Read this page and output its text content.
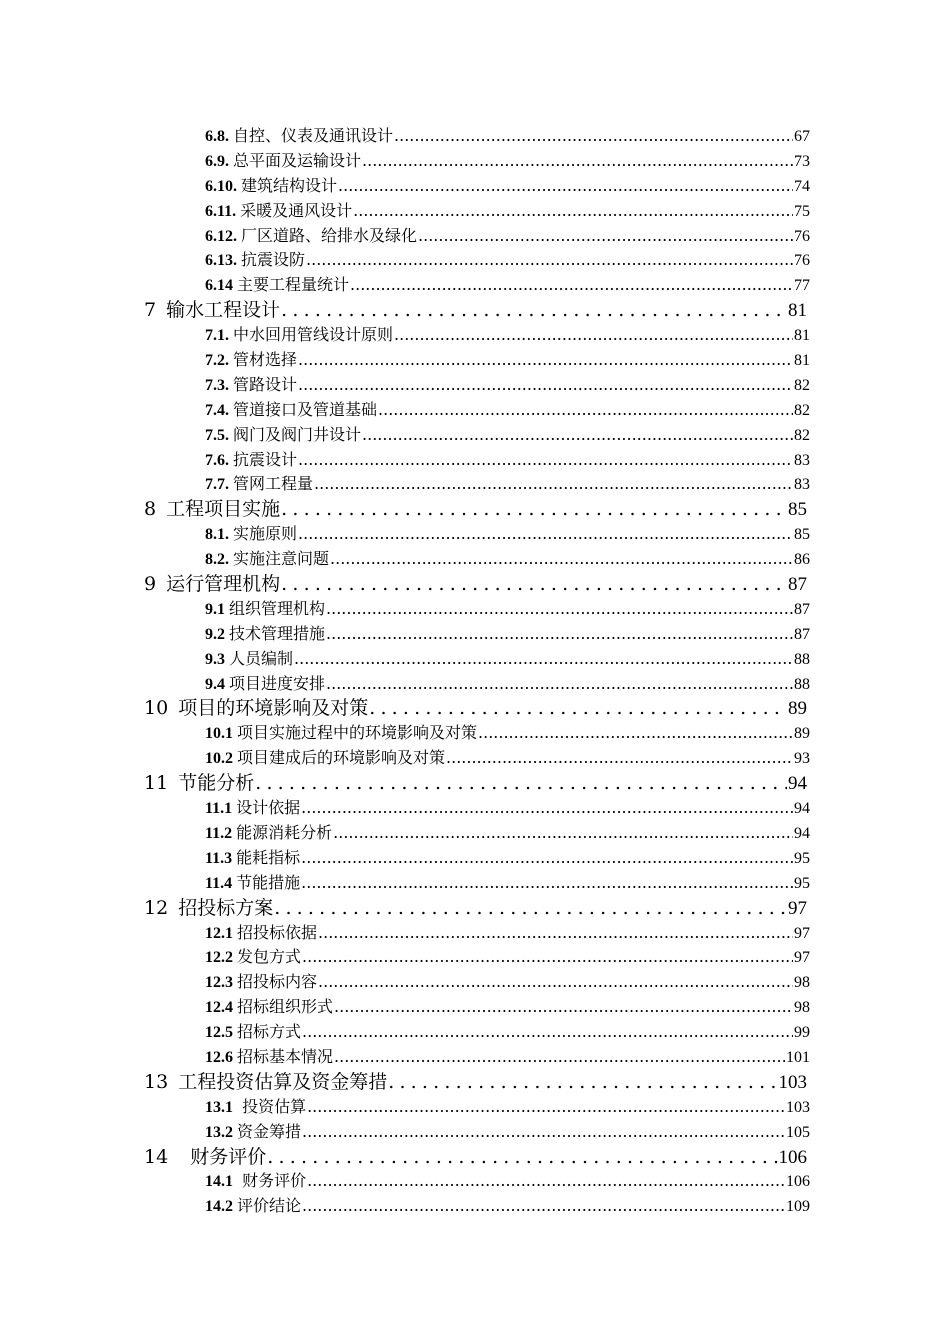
6.8. 自控、仪表及通讯设计 .....	67
6.9. 总平面及运输设计 .....	73
6.10. 建筑结构设计 .....	74
6.11. 采暖及通风设计 .....	75
6.12. 厂区道路、给排水及绿化 .....	76
6.13. 抗震设防 .....	76
6.14 主要工程量统计 .....	77
7 输水工程设计 .....	81
7.1. 中水回用管线设计原则 .....	81
7.2. 管材选择 .....	81
7.3. 管路设计 .....	82
7.4. 管道接口及管道基础 .....	82
7.5. 阀门及阀门井设计 .....	82
7.6. 抗震设计 .....	83
7.7. 管网工程量 .....	83
8 工程项目实施 .....	85
8.1. 实施原则 .....	85
8.2. 实施注意问题 .....	86
9 运行管理机构 .....	87
9.1 组织管理机构 .....	87
9.2 技术管理措施 .....	87
9.3 人员编制 .....	88
9.4 项目进度安排 .....	88
10 项目的环境影响及对策 .....	89
10.1 项目实施过程中的环境影响及对策 .....	89
10.2 项目建成后的环境影响及对策 .....	93
11 节能分析 .....	94
11.1 设计依据 .....	94
11.2 能源消耗分析 .....	94
11.3 能耗指标 .....	95
11.4 节能措施 .....	95
12 招投标方案 .....	97
12.1 招投标依据 .....	97
12.2 发包方式 .....	97
12.3 招投标内容 .....	98
12.4 招标组织形式 .....	98
12.5 招标方式 .....	99
12.6 招标基本情况 .....	101
13 工程投资估算及资金筹措 .....	103
13.1 投资估算 .....	103
13.2 资金筹措 .....	105
14  财务评价 .....	106
14.1 财务评价 .....	106
14.2 评价结论 .....	109
